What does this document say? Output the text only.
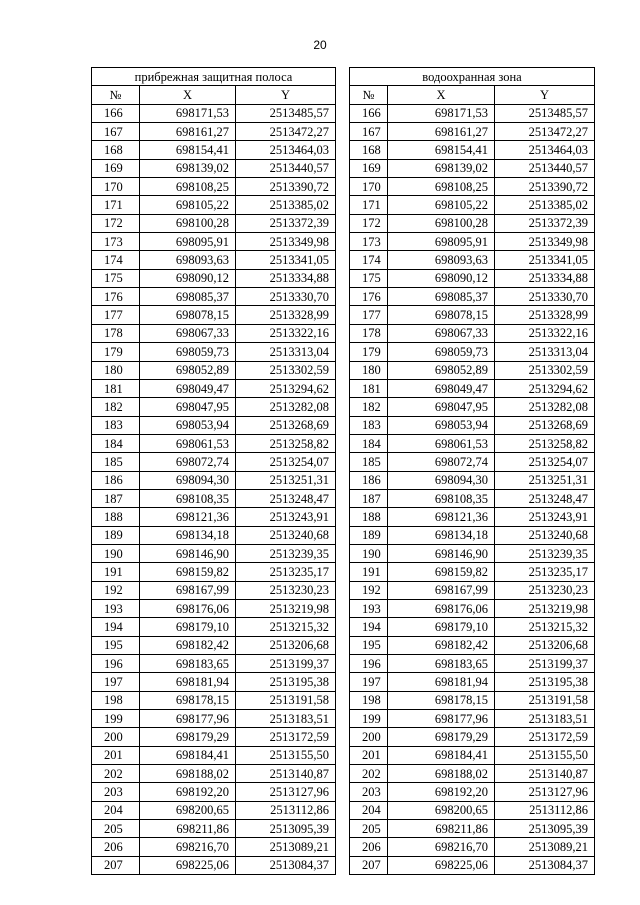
20
прибрежная защитная полоса				водоохранная зона		
№	X	Y		№	X	Y
166	698171,53	2513485,57		166	698171,53	2513485,57
167	698161,27	2513472,27		167	698161,27	2513472,27
168	698154,41	2513464,03		168	698154,41	2513464,03
169	698139,02	2513440,57		169	698139,02	2513440,57
170	698108,25	2513390,72		170	698108,25	2513390,72
171	698105,22	2513385,02		171	698105,22	2513385,02
172	698100,28	2513372,39		172	698100,28	2513372,39
173	698095,91	2513349,98		173	698095,91	2513349,98
174	698093,63	2513341,05		174	698093,63	2513341,05
175	698090,12	2513334,88		175	698090,12	2513334,88
176	698085,37	2513330,70		176	698085,37	2513330,70
177	698078,15	2513328,99		177	698078,15	2513328,99
178	698067,33	2513322,16		178	698067,33	2513322,16
179	698059,73	2513313,04		179	698059,73	2513313,04
180	698052,89	2513302,59		180	698052,89	2513302,59
181	698049,47	2513294,62		181	698049,47	2513294,62
182	698047,95	2513282,08		182	698047,95	2513282,08
183	698053,94	2513268,69		183	698053,94	2513268,69
184	698061,53	2513258,82		184	698061,53	2513258,82
185	698072,74	2513254,07		185	698072,74	2513254,07
186	698094,30	2513251,31		186	698094,30	2513251,31
187	698108,35	2513248,47		187	698108,35	2513248,47
188	698121,36	2513243,91		188	698121,36	2513243,91
189	698134,18	2513240,68		189	698134,18	2513240,68
190	698146,90	2513239,35		190	698146,90	2513239,35
191	698159,82	2513235,17		191	698159,82	2513235,17
192	698167,99	2513230,23		192	698167,99	2513230,23
193	698176,06	2513219,98		193	698176,06	2513219,98
194	698179,10	2513215,32		194	698179,10	2513215,32
195	698182,42	2513206,68		195	698182,42	2513206,68
196	698183,65	2513199,37		196	698183,65	2513199,37
197	698181,94	2513195,38		197	698181,94	2513195,38
198	698178,15	2513191,58		198	698178,15	2513191,58
199	698177,96	2513183,51		199	698177,96	2513183,51
200	698179,29	2513172,59		200	698179,29	2513172,59
201	698184,41	2513155,50		201	698184,41	2513155,50
202	698188,02	2513140,87		202	698188,02	2513140,87
203	698192,20	2513127,96		203	698192,20	2513127,96
204	698200,65	2513112,86		204	698200,65	2513112,86
205	698211,86	2513095,39		205	698211,86	2513095,39
206	698216,70	2513089,21		206	698216,70	2513089,21
207	698225,06	2513084,37		207	698225,06	2513084,37
